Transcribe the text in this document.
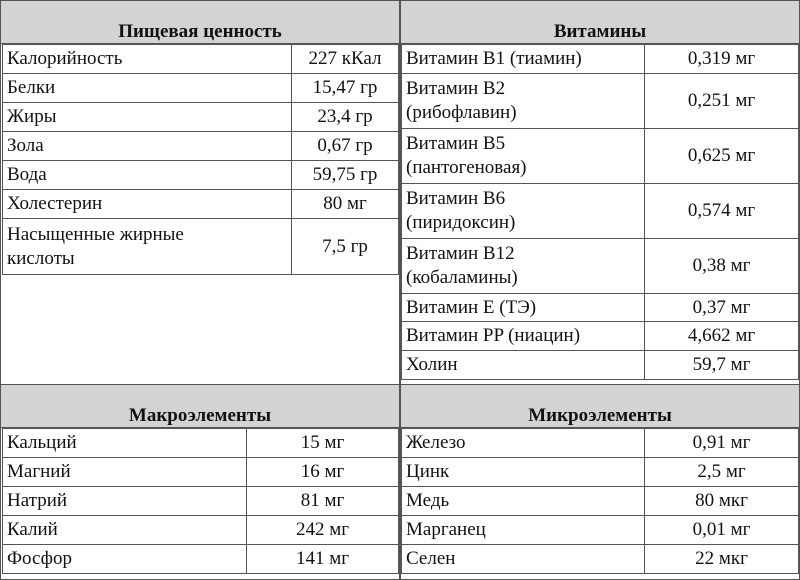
Пищевая ценность
Калорийность	227 кКал
Белки	15,47 гр
Жиры	23,4 гр
Зола	0,67 гр
Вода	59,75 гр
Холестерин	80 мг
Насыщенные жирные кислоты	7,5 гр
Витамины
Витамин B1 (тиамин)	0,319 мг
Витамин B2 (рибофлавин)	0,251 мг
Витамин B5 (пантогеновая)	0,625 мг
Витамин B6 (пиридоксин)	0,574 мг
Витамин B12 (кобаламины)	0,38 мг
Витамин E (ТЭ)	0,37 мг
Витамин PP (ниацин)	4,662 мг
Холин	59,7 мг
Макроэлементы
Кальций	15 мг
Магний	16 мг
Натрий	81 мг
Калий	242 мг
Фосфор	141 мг
Микроэлементы
Железо	0,91 мг
Цинк	2,5 мг
Медь	80 мкг
Марганец	0,01 мг
Селен	22 мкг
